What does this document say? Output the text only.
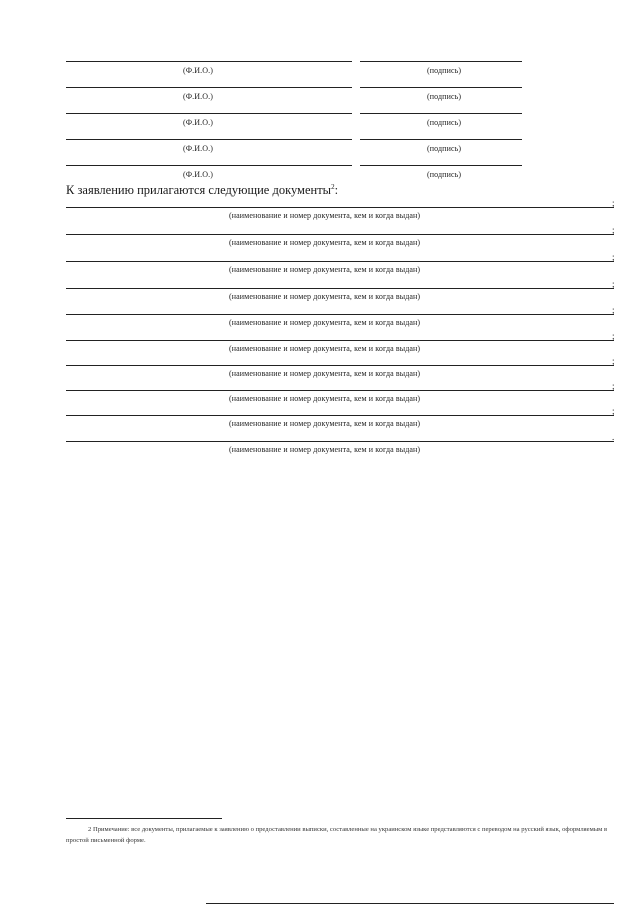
(Ф.И.О.)	(подпись)
(Ф.И.О.)	(подпись)
(Ф.И.О.)	(подпись)
(Ф.И.О.)	(подпись)
(Ф.И.О.)	(подпись)
К заявлению прилагаются следующие документы$^2$:
;
(наименование и номер документа, кем и когда выдан)
;
(наименование и номер документа, кем и когда выдан)
;
(наименование и номер документа, кем и когда выдан)
;
(наименование и номер документа, кем и когда выдан)
;
(наименование и номер документа, кем и когда выдан)
;
(наименование и номер документа, кем и когда выдан)
;
(наименование и номер документа, кем и когда выдан)
;
(наименование и номер документа, кем и когда выдан)
;
(наименование и номер документа, кем и когда выдан)
.
(наименование и номер документа, кем и когда выдан)
2 Примечание: все документы, прилагаемые к заявлению о предоставлении выписки, составленные на украинском языке представляются с переводом на русский язык, оформляемым в простой письменной форме.
